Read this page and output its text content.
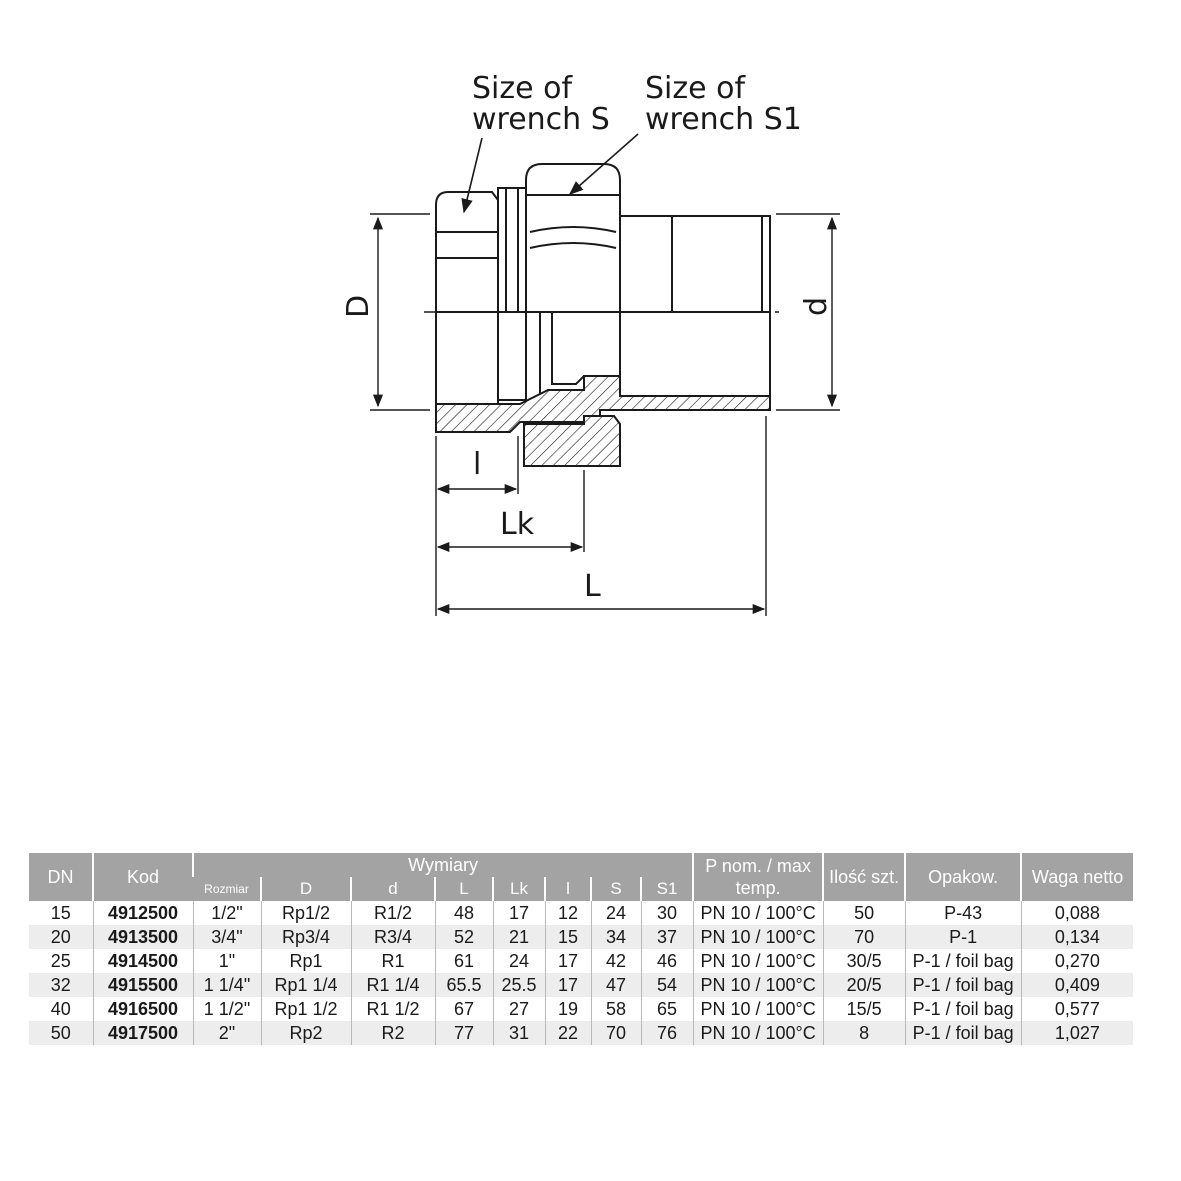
Size of
wrench S
Size of
wrench S1
D	d
l
Lk
L
DN	Kod	Wymiary								P nom. / max temp.	Ilość szt.	Opakow.	Waga netto
		Rozmiar	D	d	L	Lk	l	S	S1				
15	4912500	1/2"	Rp1/2	R1/2	48	17	12	24	30	PN 10 / 100°C	50	P-43	0,088
20	4913500	3/4"	Rp3/4	R3/4	52	21	15	34	37	PN 10 / 100°C	70	P-1	0,134
25	4914500	1"	Rp1	R1	61	24	17	42	46	PN 10 / 100°C	30/5	P-1 / foil bag	0,270
32	4915500	1 1/4"	Rp1 1/4	R1 1/4	65.5	25.5	17	47	54	PN 10 / 100°C	20/5	P-1 / foil bag	0,409
40	4916500	1 1/2"	Rp1 1/2	R1 1/2	67	27	19	58	65	PN 10 / 100°C	15/5	P-1 / foil bag	0,577
50	4917500	2"	Rp2	R2	77	31	22	70	76	PN 10 / 100°C	8	P-1 / foil bag	1,027
